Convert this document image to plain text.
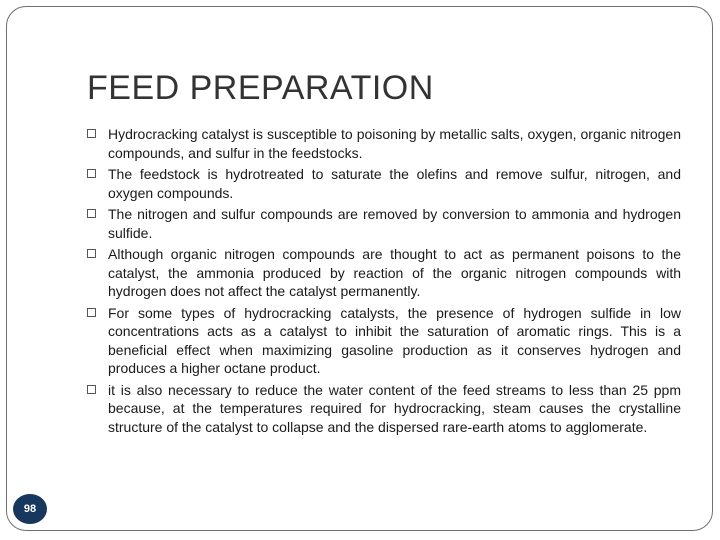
FEED PREPARATION
Hydrocracking catalyst is susceptible to poisoning by metallic salts, oxygen, organic nitrogen compounds, and sulfur in the feedstocks.
The feedstock is hydrotreated to saturate the olefins and remove sulfur, nitrogen, and oxygen compounds.
The nitrogen and sulfur compounds are removed by conversion to ammonia and hydrogen sulfide.
Although organic nitrogen compounds are thought to act as permanent poisons to the catalyst, the ammonia produced by reaction of the organic nitrogen compounds with hydrogen does not affect the catalyst permanently.
For some types of hydrocracking catalysts, the presence of hydrogen sulfide in low concentrations acts as a catalyst to inhibit the saturation of aromatic rings. This is a beneficial effect when maximizing gasoline production as it conserves hydrogen and produces a higher octane product.
it is also necessary to reduce the water content of the feed streams to less than 25 ppm because, at the temperatures required for hydrocracking, steam causes the crystalline structure of the catalyst to collapse and the dispersed rare-earth atoms to agglomerate.
98
